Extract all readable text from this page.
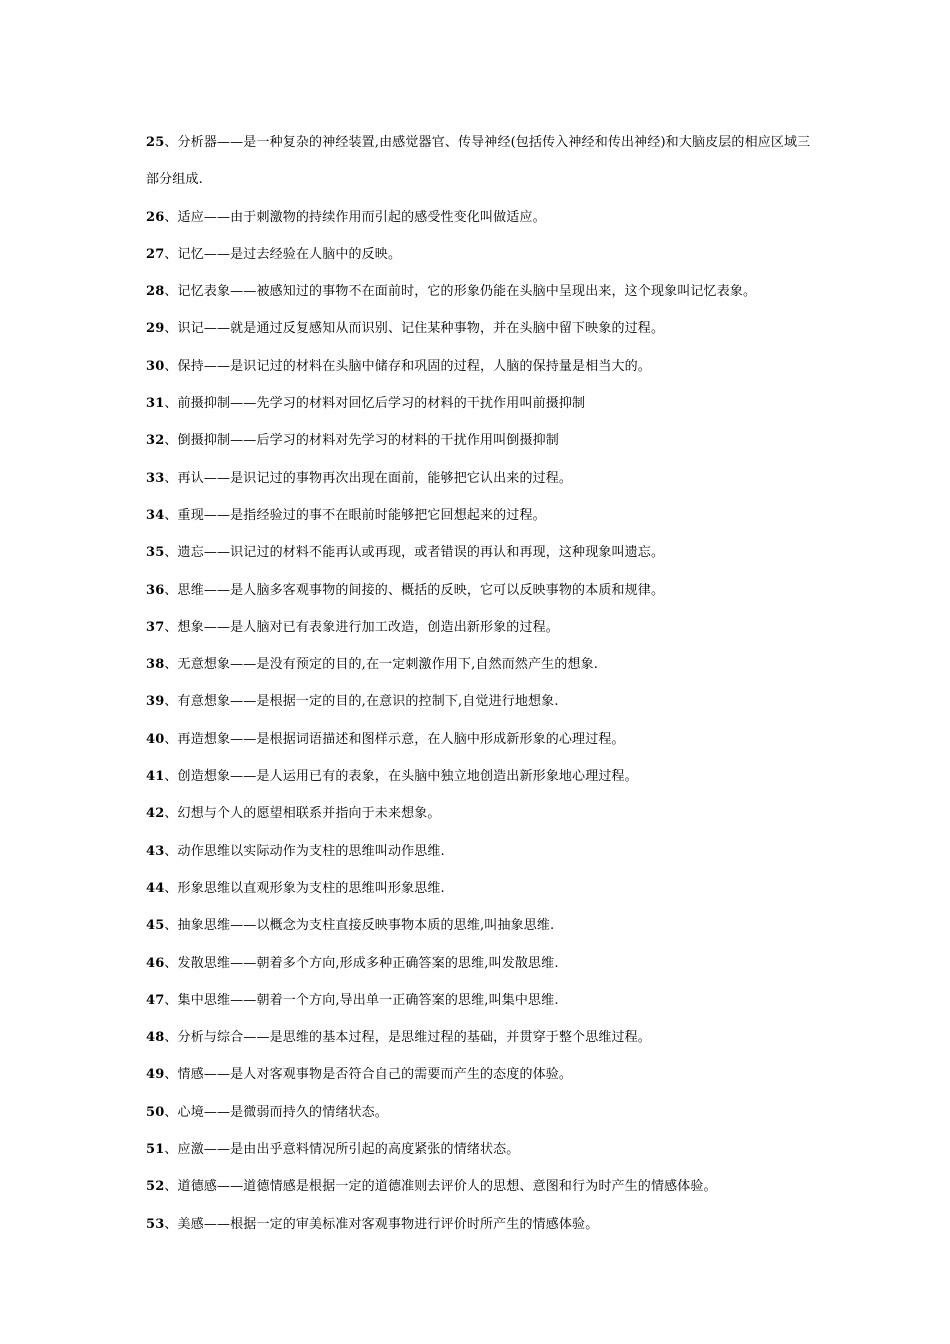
25、分析器——是一种复杂的神经装置,由感觉器官、传导神经(包括传入神经和传出神经)和大脑皮层的相应区域三部分组成.
26、适应——由于刺激物的持续作用而引起的感受性变化叫做适应。
27、记忆——是过去经验在人脑中的反映。
28、记忆表象——被感知过的事物不在面前时，它的形象仍能在头脑中呈现出来，这个现象叫记忆表象。
29、识记——就是通过反复感知从而识别、记住某种事物，并在头脑中留下映象的过程。
30、保持——是识记过的材料在头脑中储存和巩固的过程，人脑的保持量是相当大的。
31、前摄抑制——先学习的材料对回忆后学习的材料的干扰作用叫前摄抑制
32、倒摄抑制——后学习的材料对先学习的材料的干扰作用叫倒摄抑制
33、再认——是识记过的事物再次出现在面前，能够把它认出来的过程。
34、重现——是指经验过的事不在眼前时能够把它回想起来的过程。
35、遗忘——识记过的材料不能再认或再现，或者错误的再认和再现，这种现象叫遗忘。
36、思维——是人脑多客观事物的间接的、概括的反映，它可以反映事物的本质和规律。
37、想象——是人脑对已有表象进行加工改造，创造出新形象的过程。
38、无意想象——是没有预定的目的,在一定刺激作用下,自然而然产生的想象.
39、有意想象——是根据一定的目的,在意识的控制下,自觉进行地想象.
40、再造想象——是根据词语描述和图样示意，在人脑中形成新形象的心理过程。
41、创造想象——是人运用已有的表象，在头脑中独立地创造出新形象地心理过程。
42、幻想与个人的愿望相联系并指向于未来想象。
43、动作思维以实际动作为支柱的思维叫动作思维.
44、形象思维以直观形象为支柱的思维叫形象思维.
45、抽象思维——以概念为支柱直接反映事物本质的思维,叫抽象思维.
46、发散思维——朝着多个方向,形成多种正确答案的思维,叫发散思维.
47、集中思维——朝着一个方向,导出单一正确答案的思维,叫集中思维.
48、分析与综合——是思维的基本过程，是思维过程的基础，并贯穿于整个思维过程。
49、情感——是人对客观事物是否符合自己的需要而产生的态度的体验。
50、心境——是微弱而持久的情绪状态。
51、应激——是由出乎意料情况所引起的高度紧张的情绪状态。
52、道德感——道德情感是根据一定的道德准则去评价人的思想、意图和行为时产生的情感体验。
53、美感——根据一定的审美标准对客观事物进行评价时所产生的情感体验。
